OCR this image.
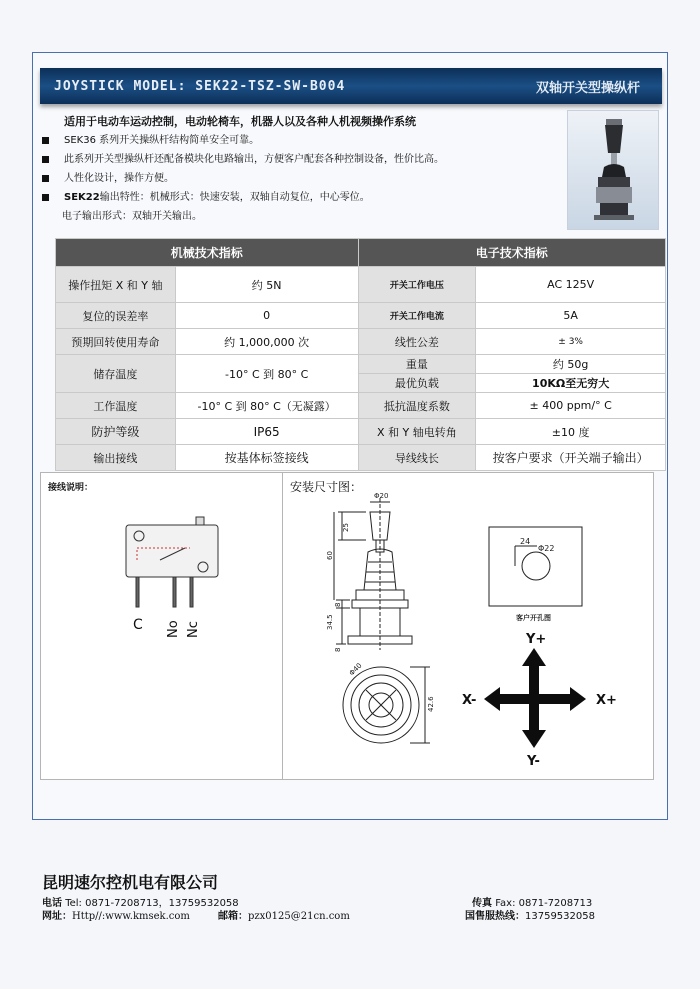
JOYSTICK MODEL: SEK22-TSZ-SW-B004	双轴开关型操纵杆
适用于电动车运动控制，电动轮椅车，机器人以及各种人机视频操作系统
SEK36 系列开关操纵杆结构简单安全可靠。
此系列开关型操纵杆还配备模块化电路输出，方便客户配套各种控制设备，性价比高。
人性化设计，操作方便。
SEK22 输出特性：机械形式：快速安装，双轴自动复位，中心零位。
电子输出形式：双轴开关输出。
机械技术指标		电子技术指标	
操作扭矩 X 和 Y 轴	约 5N	开关工作电压	AC 125V
复位的误差率	0	开关工作电流	5A
预期回转使用寿命	约 1,000,000 次	线性公差	± 3%
储存温度	-10° C 到 80° C	重量	约 50g
		最优负载	10KΩ至无穷大
工作温度	-10° C 到 80° C（无凝露）	抵抗温度系数	± 400 ppm/° C
防护等级	IP65	X 和 Y 轴电转角	±10 度
输出接线	按基体标签接线	导线线长	按客户要求（开关端子输出）
接线说明：	安装尺寸图：
C No Nc
Φ20
25
60
8
34.5
8
Φ40
42.6
24
Φ22
客户开孔图
Y+
Y-
X-	X+
昆明速尔控机电有限公司
电话 Tel: 0871-7208713，13759532058	传真 Fax: 0871-7208713
网址：Http//:www.kmsek.com	邮箱：pzx0125@21cn.com	国售服热线：13759532058
